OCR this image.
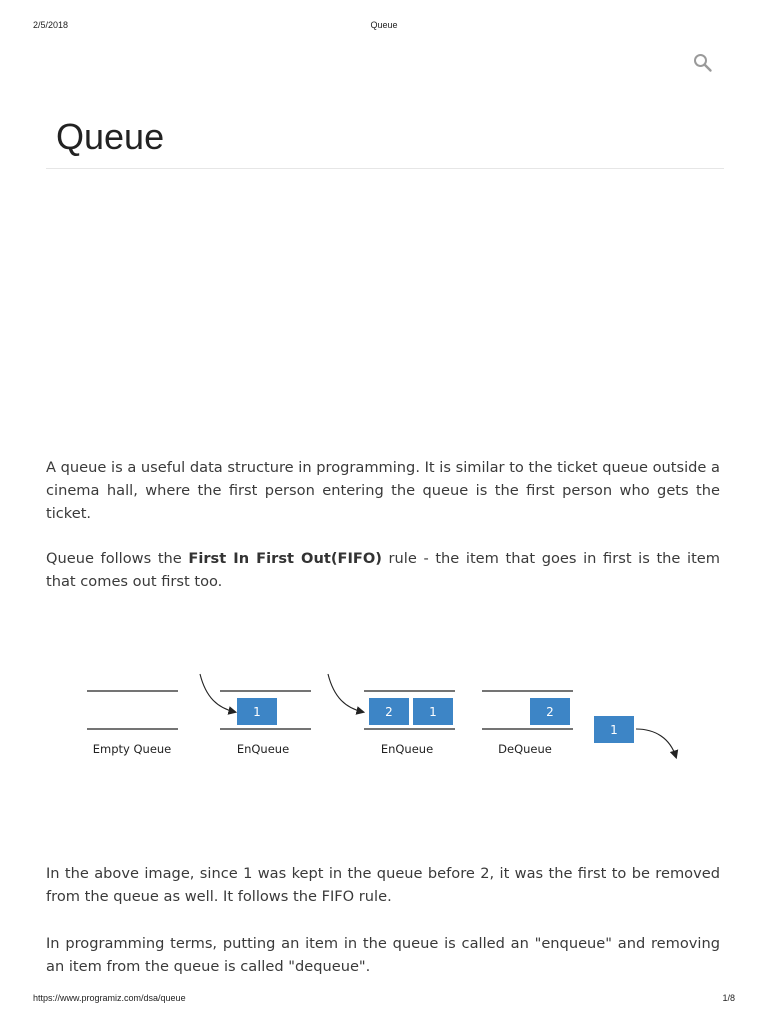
2/5/2018	Queue
Queue

A queue is a useful data structure in programming. It is similar to the ticket queue outside a cinema hall, where the first person entering the queue is the first person who gets the ticket.

Queue follows the First In First Out(FIFO) rule - the item that goes in first is the item that comes out first too.

Empty Queue
1
EnQueue
2	1
EnQueue
2
DeQueue
1

In the above image, since 1 was kept in the queue before 2, it was the first to be removed from the queue as well. It follows the FIFO rule.

In programming terms, putting an item in the queue is called an "enqueue" and removing an item from the queue is called "dequeue".

https://www.programiz.com/dsa/queue	1/8
